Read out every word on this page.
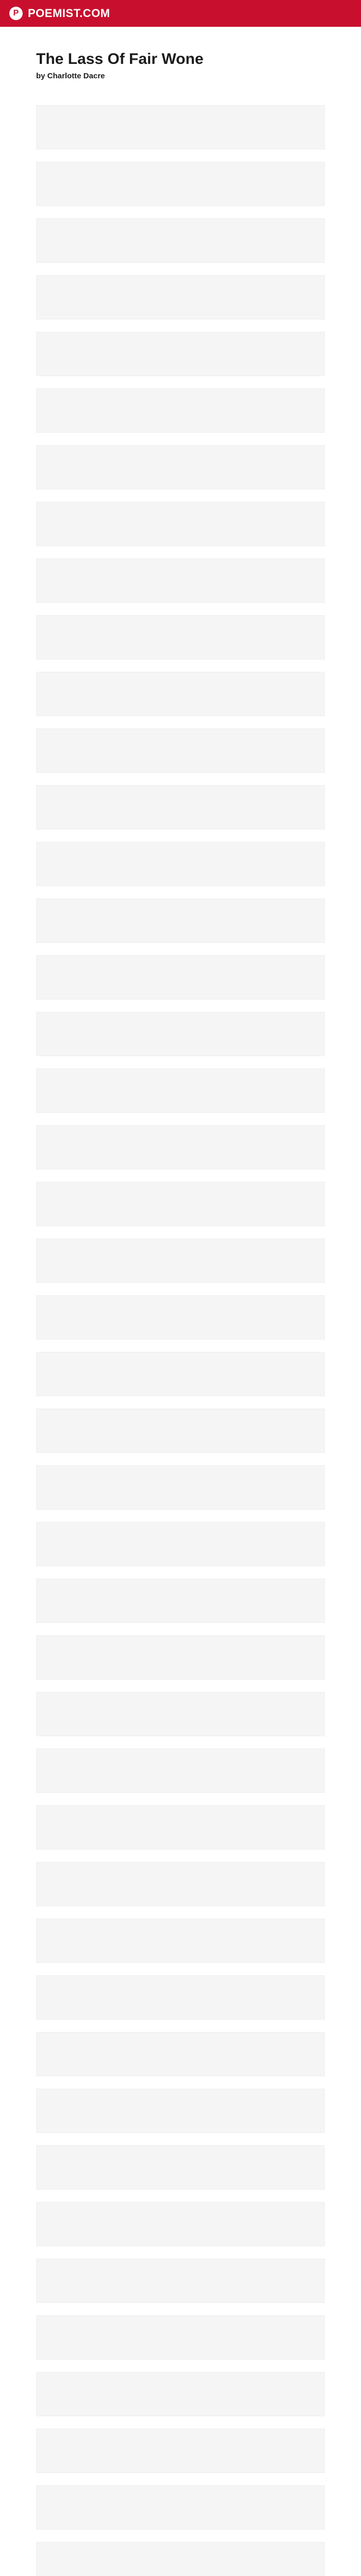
P POEMIST.COM
The Lass Of Fair Wone
by Charlotte Dacre
